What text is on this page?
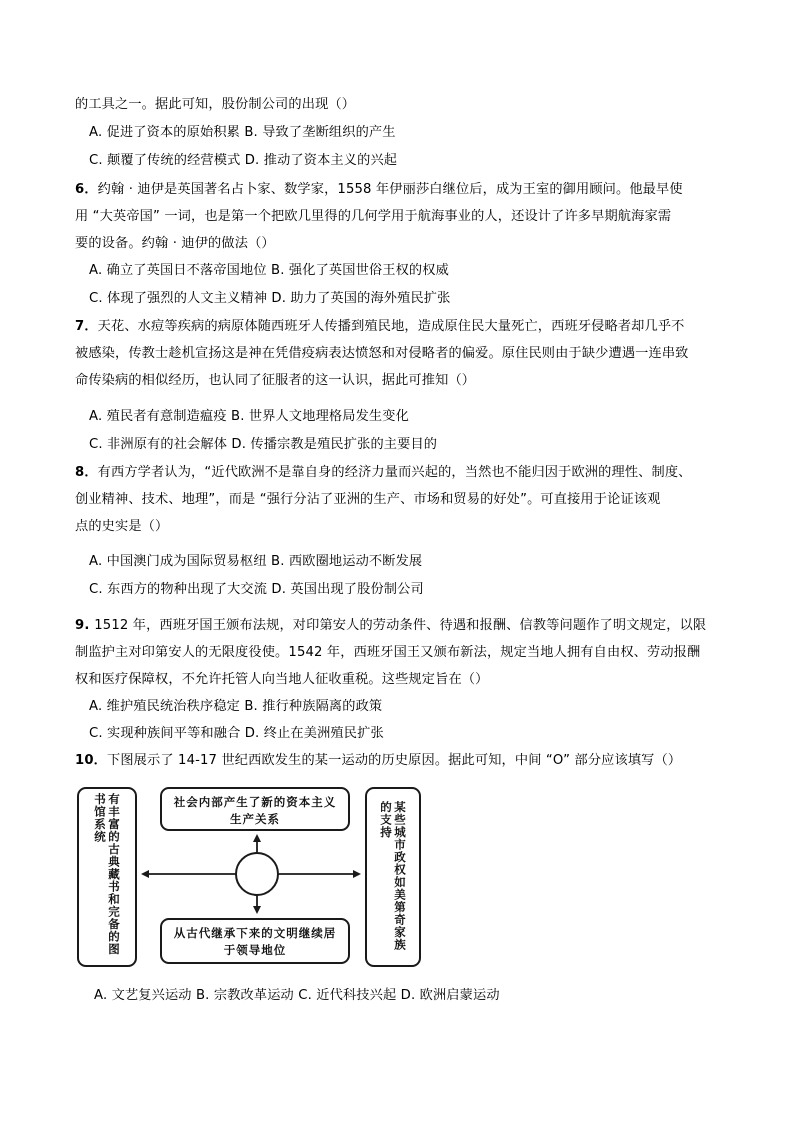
的工具之一。据此可知，股份制公司的出现（）
A. 促进了资本的原始积累 B. 导致了垄断组织的产生
C. 颠覆了传统的经营模式 D. 推动了资本主义的兴起
6．约翰 · 迪伊是英国著名占卜家、数学家，1558 年伊丽莎白继位后，成为王室的御用顾问。他最早使
用 “大英帝国” 一词，也是第一个把欧几里得的几何学用于航海事业的人，还设计了许多早期航海家需
要的设备。约翰 · 迪伊的做法（）
A. 确立了英国日不落帝国地位 B. 强化了英国世俗王权的权威
C. 体现了强烈的人文主义精神 D. 助力了英国的海外殖民扩张
7．天花、水痘等疾病的病原体随西班牙人传播到殖民地，造成原住民大量死亡，西班牙侵略者却几乎不
被感染，传教士趁机宣扬这是神在凭借疫病表达愤怒和对侵略者的偏爱。原住民则由于缺少遭遇一连串致
命传染病的相似经历，也认同了征服者的这一认识，据此可推知（）
A. 殖民者有意制造瘟疫 B. 世界人文地理格局发生变化
C. 非洲原有的社会解体 D. 传播宗教是殖民扩张的主要目的
8．有西方学者认为，“近代欧洲不是靠自身的经济力量而兴起的，当然也不能归因于欧洲的理性、制度、
创业精神、技术、地理”，而是 “强行分沾了亚洲的生产、市场和贸易的好处”。可直接用于论证该观
点的史实是（）
A. 中国澳门成为国际贸易枢纽 B. 西欧圈地运动不断发展
C. 东西方的物种出现了大交流 D. 英国出现了股份制公司
9. 1512 年，西班牙国王颁布法规，对印第安人的劳动条件、待遇和报酬、信教等问题作了明文规定，以限
制监护主对印第安人的无限度役使。1542 年，西班牙国王又颁布新法，规定当地人拥有自由权、劳动报酬
权和医疗保障权，不允许托管人向当地人征收重税。这些规定旨在（）
A. 维护殖民统治秩序稳定 B. 推行种族隔离的政策
C. 实现种族间平等和融合 D. 终止在美洲殖民扩张
10．下图展示了 14-17 世纪西欧发生的某一运动的历史原因。据此可知，中间 “O” 部分应该填写（）
有丰富的古典藏书和完备的图书馆系统	某些城市政权如美第奇家族的支持
社会内部产生了新的资本主义生产关系
从古代继承下来的文明继续居于领导地位
A. 文艺复兴运动 B. 宗教改革运动 C. 近代科技兴起 D. 欧洲启蒙运动
